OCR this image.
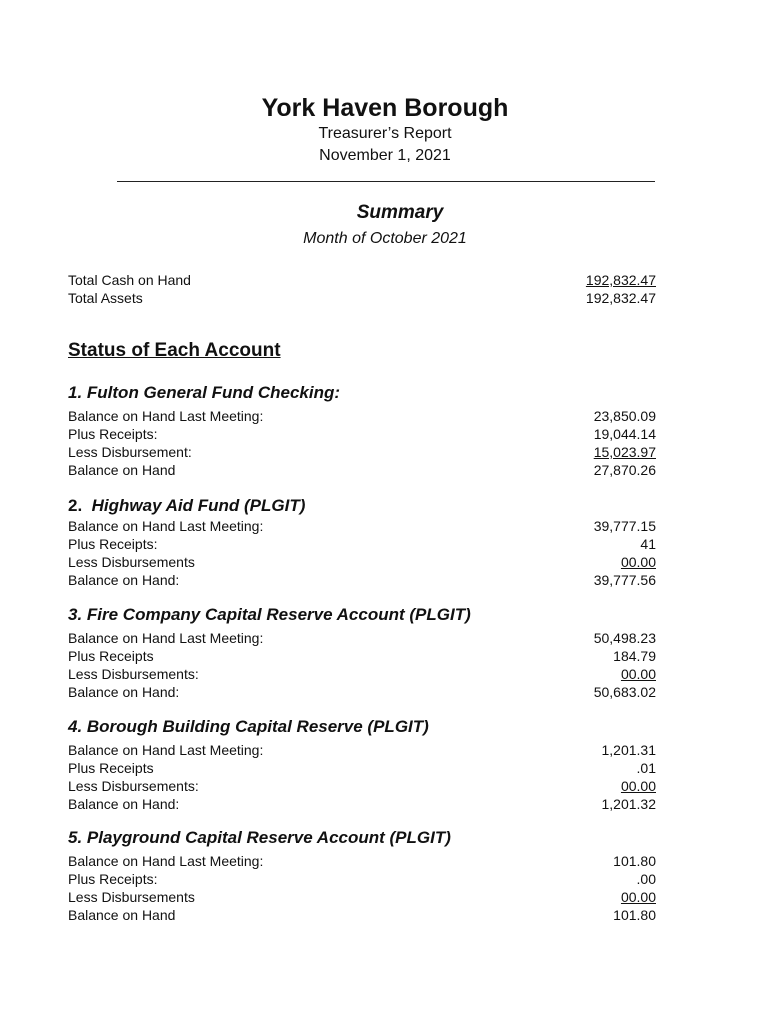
York Haven Borough

Treasurer’s Report

November 1, 2021

Summary

Month of October 2021

Total Cash on Hand	192,832.47
Total Assets	192,832.47
Status of Each Account
1. Fulton General Fund Checking:
Balance on Hand Last Meeting:	23,850.09
Plus Receipts:	19,044.14
Less Disbursement:	15,023.97
Balance on Hand	27,870.26
2. Highway Aid Fund (PLGIT)
Balance on Hand Last Meeting:	39,777.15
Plus Receipts:	41
Less Disbursements	00.00
Balance on Hand:	39,777.56
3. Fire Company Capital Reserve Account (PLGIT)
Balance on Hand Last Meeting:	50,498.23
Plus Receipts	184.79
Less Disbursements:	00.00
Balance on Hand:	50,683.02
4. Borough Building Capital Reserve (PLGIT)
Balance on Hand Last Meeting:	1,201.31
Plus Receipts	.01
Less Disbursements:	00.00
Balance on Hand:	1,201.32
5. Playground Capital Reserve Account (PLGIT)
Balance on Hand Last Meeting:	101.80
Plus Receipts:	.00
Less Disbursements	00.00
Balance on Hand	101.80
